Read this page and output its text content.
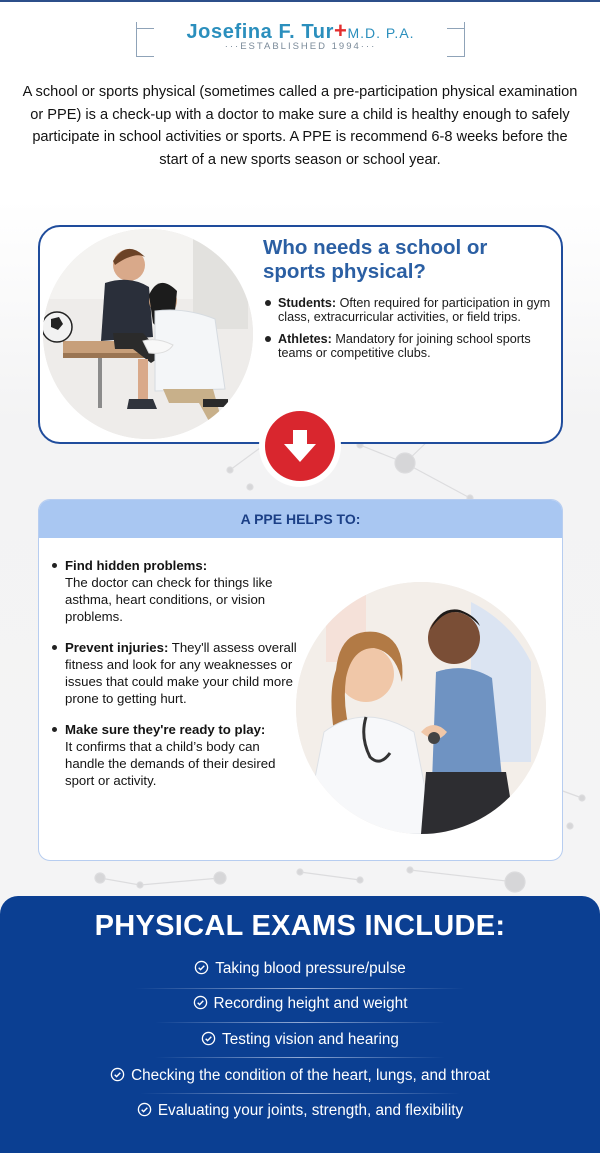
Josefina F. Tur+M.D. P.A.
···ESTABLISHED 1994···

A school or sports physical (sometimes called a pre-participation physical examination or PPE) is a check-up with a doctor to make sure a child is healthy enough to safely participate in school activities or sports. A PPE is recommend 6-8 weeks before the start of a new sports season or school year.

Who needs a school or sports physical?
Students: Often required for participation in gym class, extracurricular activities, or field trips.
Athletes: Mandatory for joining school sports teams or competitive clubs.
A PPE HELPS TO:
Find hidden problems:
The doctor can check for things like asthma, heart conditions, or vision problems.
Prevent injuries: They'll assess overall fitness and look for any weaknesses or issues that could make your child more prone to getting hurt.
Make sure they're ready to play:
It confirms that a child’s body can handle the demands of their desired sport or activity.
PHYSICAL EXAMS INCLUDE:
Taking blood pressure/pulse
Recording height and weight
Testing vision and hearing
Checking the condition of the heart, lungs, and throat
Evaluating your joints, strength, and flexibility
